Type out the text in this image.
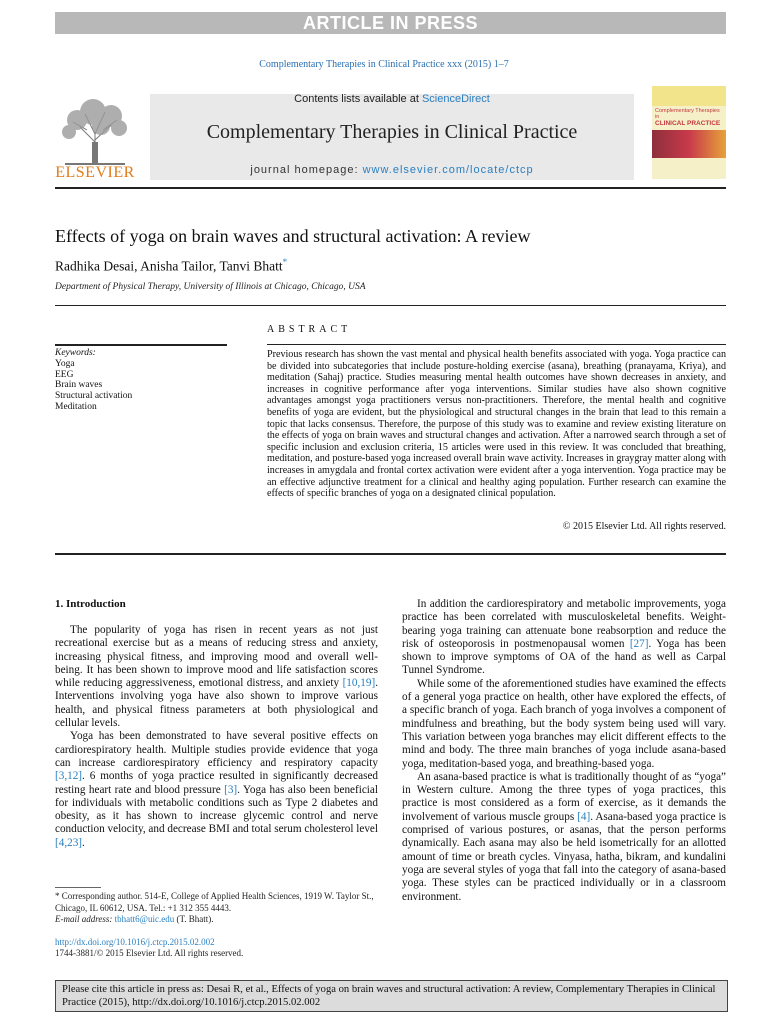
ARTICLE IN PRESS
Complementary Therapies in Clinical Practice xxx (2015) 1–7
ELSEVIER
Contents lists available at ScienceDirect
Complementary Therapies in Clinical Practice
journal homepage: www.elsevier.com/locate/ctcp
Complementary Therapies in
CLINICAL PRACTICE
Effects of yoga on brain waves and structural activation: A review
Radhika Desai, Anisha Tailor, Tanvi Bhatt*
Department of Physical Therapy, University of Illinois at Chicago, Chicago, USA
ABSTRACT
Keywords:
Yoga
EEG
Brain waves
Structural activation
Meditation
Previous research has shown the vast mental and physical health benefits associated with yoga. Yoga practice can be divided into subcategories that include posture-holding exercise (asana), breathing (pranayama, Kriya), and meditation (Sahaj) practice. Studies measuring mental health outcomes have shown decreases in anxiety, and increases in cognitive performance after yoga interventions. Similar studies have also shown cognitive advantages amongst yoga practitioners versus non-practitioners. Therefore, the mental health and cognitive benefits of yoga are evident, but the physiological and structural changes in the brain that lead to this remain a topic that lacks consensus. Therefore, the purpose of this study was to examine and review existing literature on the effects of yoga on brain waves and structural changes and activation. After a narrowed search through a set of specific inclusion and exclusion criteria, 15 articles were used in this review. It was concluded that breathing, meditation, and posture-based yoga increased overall brain wave activity. Increases in graygray matter along with increases in amygdala and frontal cortex activation were evident after a yoga intervention. Yoga practice may be an effective adjunctive treatment for a clinical and healthy aging population. Further research can examine the effects of specific branches of yoga on a designated clinical population.
© 2015 Elsevier Ltd. All rights reserved.
1. Introduction

The popularity of yoga has risen in recent years as not just recreational exercise but as a means of reducing stress and anxiety, increasing physical fitness, and improving mood and overall well-being. It has been shown to improve mood and life satisfaction scores while reducing aggressiveness, emotional distress, and anxiety [10,19]. Interventions involving yoga have also shown to improve various health, and physical fitness parameters at both physiological and cellular levels.

Yoga has been demonstrated to have several positive effects on cardiorespiratory health. Multiple studies provide evidence that yoga can increase cardiorespiratory efficiency and respiratory capacity [3,12]. 6 months of yoga practice resulted in significantly decreased resting heart rate and blood pressure [3]. Yoga has also been beneficial for individuals with metabolic conditions such as Type 2 diabetes and obesity, as it has shown to increase glycemic control and nerve conduction velocity, and decrease BMI and total serum cholesterol level [4,23].

In addition the cardiorespiratory and metabolic improvements, yoga practice has been correlated with musculoskeletal benefits. Weight-bearing yoga training can attenuate bone reabsorption and reduce the risk of osteoporosis in postmenopausal women [27]. Yoga has been shown to improve symptoms of OA of the hand as well as Carpal Tunnel Syndrome.

While some of the aforementioned studies have examined the effects of a general yoga practice on health, other have explored the effects, of a specific branch of yoga. Each branch of yoga involves a component of mindfulness and breathing, but the body system being used will vary. This variation between yoga branches may elicit different effects to the mind and body. The three main branches of yoga include asana-based yoga, meditation-based yoga, and breathing-based yoga.

An asana-based practice is what is traditionally thought of as “yoga” in Western culture. Among the three types of yoga practices, this practice is most considered as a form of exercise, as it demands the involvement of various muscle groups [4]. Asana-based yoga practice is comprised of various postures, or asanas, that the person performs dynamically. Each asana may also be held isometrically for an allotted amount of time or breath cycles. Vinyasa, hatha, bikram, and kundalini yoga are several styles of yoga that fall into the category of asana-based yoga. These styles can be practiced individually or in a classroom environment.

* Corresponding author. 514-E, College of Applied Health Sciences, 1919 W. Taylor St., Chicago, IL 60612, USA. Tel.: +1 312 355 4443.
E-mail address: tbhatt6@uic.edu (T. Bhatt).
http://dx.doi.org/10.1016/j.ctcp.2015.02.002
1744-3881/© 2015 Elsevier Ltd. All rights reserved.
Please cite this article in press as: Desai R, et al., Effects of yoga on brain waves and structural activation: A review, Complementary Therapies in Clinical Practice (2015), http://dx.doi.org/10.1016/j.ctcp.2015.02.002
